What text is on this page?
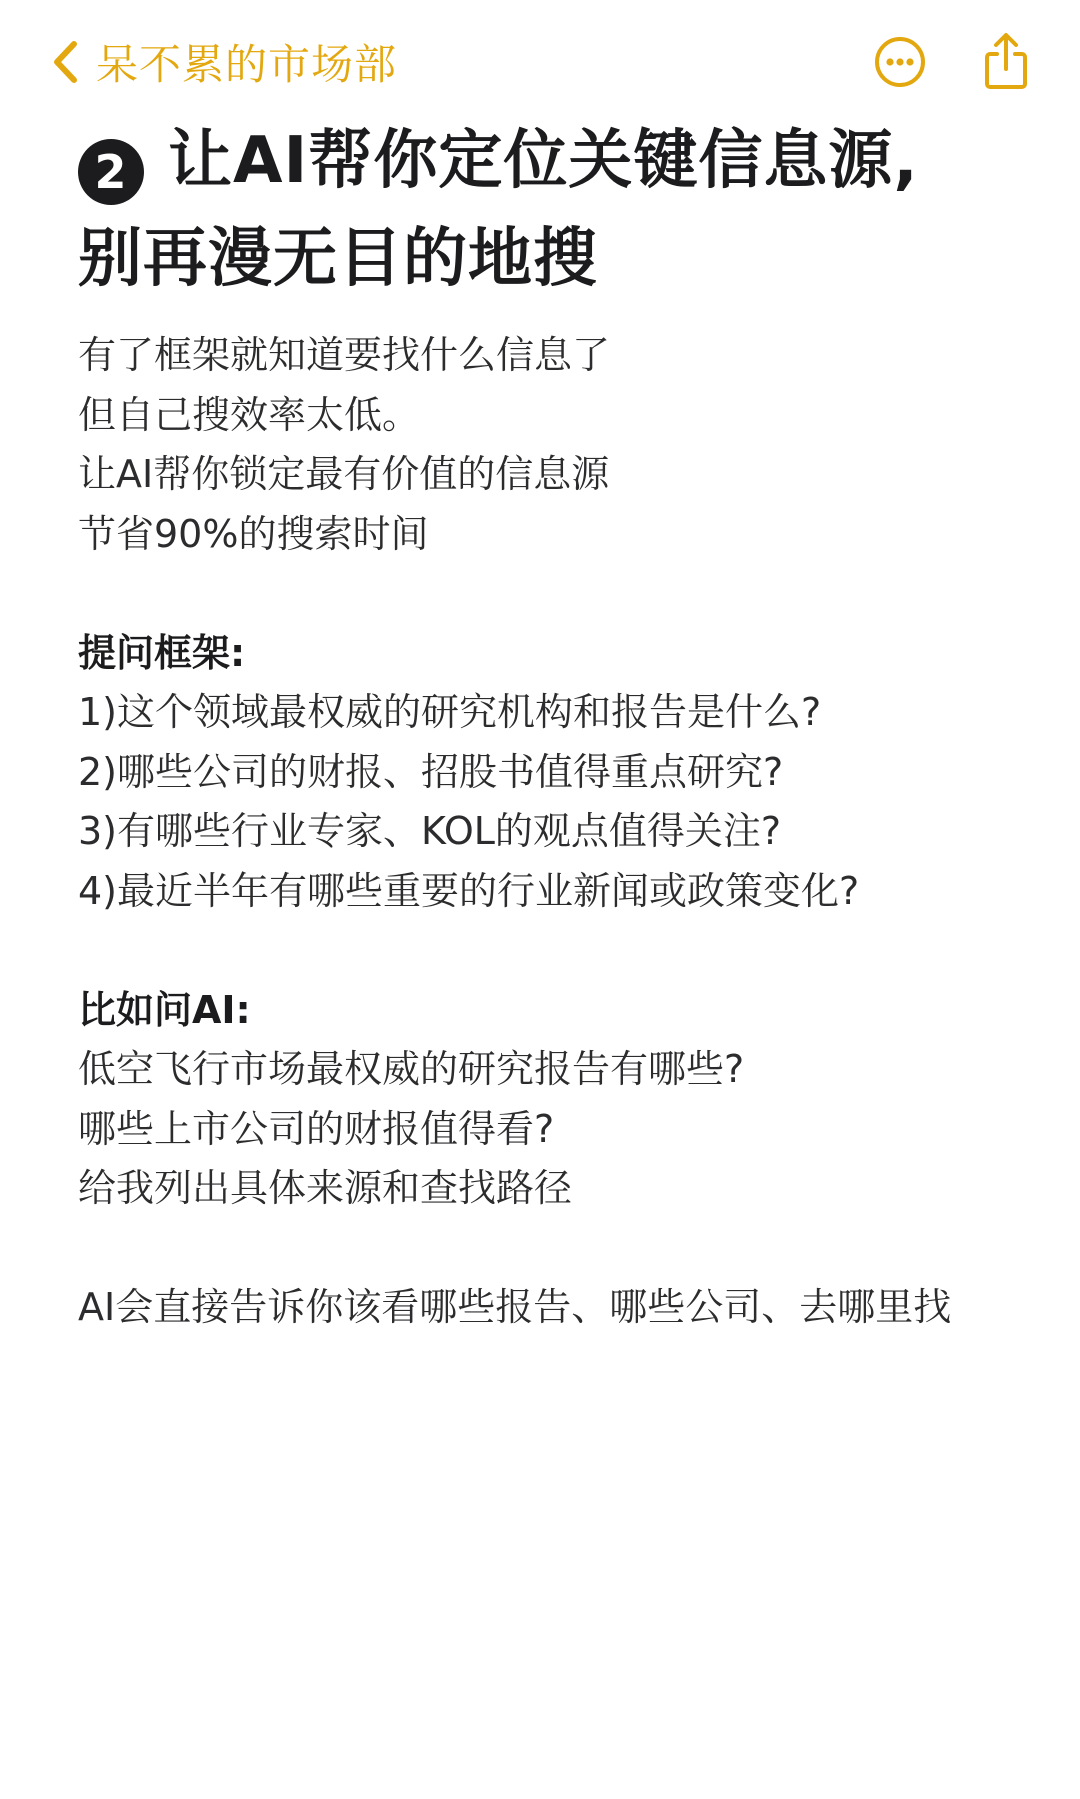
呆不累的市场部
2 让AI帮你定位关键信息源,
别再漫无目的地搜
有了框架就知道要找什么信息了
但自己搜效率太低。
让AI帮你锁定最有价值的信息源
节省90%的搜索时间
提问框架:
1)这个领域最权威的研究机构和报告是什么?
2)哪些公司的财报、招股书值得重点研究?
3)有哪些行业专家、KOL的观点值得关注?
4)最近半年有哪些重要的行业新闻或政策变化?
比如问AI:
低空飞行市场最权威的研究报告有哪些?
哪些上市公司的财报值得看?
给我列出具体来源和查找路径
AI会直接告诉你该看哪些报告、哪些公司、去哪里找
